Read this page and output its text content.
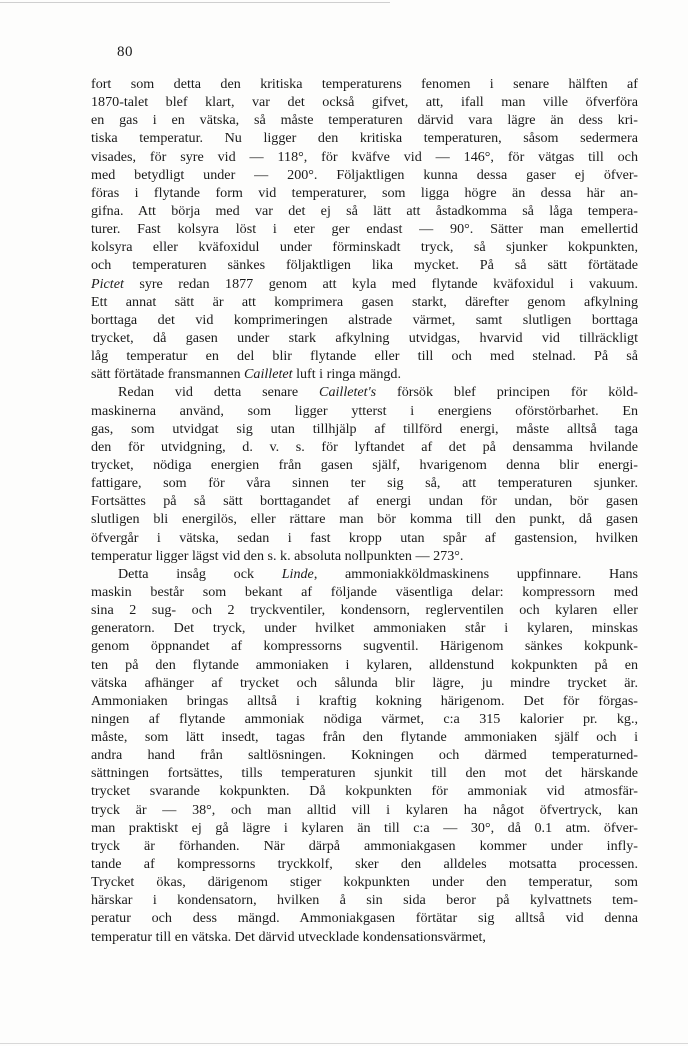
80
fort som detta den kritiska temperaturens fenomen i senare hälften af
1870-talet blef klart, var det också gifvet, att, ifall man ville öfverföra
en gas i en vätska, så måste temperaturen därvid vara lägre än dess kri-
tiska temperatur. Nu ligger den kritiska temperaturen, såsom sedermera
visades, för syre vid — 118°, för kväfve vid — 146°, för vätgas till och
med betydligt under — 200°. Följaktligen kunna dessa gaser ej öfver-
föras i flytande form vid temperaturer, som ligga högre än dessa här an-
gifna. Att börja med var det ej så lätt att åstadkomma så låga tempera-
turer. Fast kolsyra löst i eter ger endast — 90°. Sätter man emellertid
kolsyra eller kväfoxidul under förminskadt tryck, så sjunker kokpunkten,
och temperaturen sänkes följaktligen lika mycket. På så sätt förtätade
Pictet syre redan 1877 genom att kyla med flytande kväfoxidul i vakuum.
Ett annat sätt är att komprimera gasen starkt, därefter genom afkylning
borttaga det vid komprimeringen alstrade värmet, samt slutligen borttaga
trycket, då gasen under stark afkylning utvidgas, hvarvid vid tillräckligt
låg temperatur en del blir flytande eller till och med stelnad. På så
sätt förtätade fransmannen Cailletet luft i ringa mängd.
Redan vid detta senare Cailletet's försök blef principen för köld-
maskinerna använd, som ligger ytterst i energiens oförstörbarhet. En
gas, som utvidgat sig utan tillhjälp af tillförd energi, måste alltså taga
den för utvidgning, d. v. s. för lyftandet af det på densamma hvilande
trycket, nödiga energien från gasen själf, hvarigenom denna blir energi-
fattigare, som för våra sinnen ter sig så, att temperaturen sjunker.
Fortsättes på så sätt borttagandet af energi undan för undan, bör gasen
slutligen bli energilös, eller rättare man bör komma till den punkt, då gasen
öfvergår i vätska, sedan i fast kropp utan spår af gastension, hvilken
temperatur ligger lägst vid den s. k. absoluta nollpunkten — 273°.
Detta insåg ock Linde, ammoniakköldmaskinens uppfinnare. Hans
maskin består som bekant af följande väsentliga delar: kompressorn med
sina 2 sug- och 2 tryckventiler, kondensorn, reglerventilen och kylaren eller
generatorn. Det tryck, under hvilket ammoniaken står i kylaren, minskas
genom öppnandet af kompressorns sugventil. Härigenom sänkes kokpunk-
ten på den flytande ammoniaken i kylaren, alldenstund kokpunkten på en
vätska afhänger af trycket och sålunda blir lägre, ju mindre trycket är.
Ammoniaken bringas alltså i kraftig kokning härigenom. Det för förgas-
ningen af flytande ammoniak nödiga värmet, c:a 315 kalorier pr. kg.,
måste, som lätt insedt, tagas från den flytande ammoniaken själf och i
andra hand från saltlösningen. Kokningen och därmed temperaturned-
sättningen fortsättes, tills temperaturen sjunkit till den mot det härskande
trycket svarande kokpunkten. Då kokpunkten för ammoniak vid atmosfär-
tryck är — 38°, och man alltid vill i kylaren ha något öfvertryck, kan
man praktiskt ej gå lägre i kylaren än till c:a — 30°, då 0.1 atm. öfver-
tryck är förhanden. När därpå ammoniakgasen kommer under infly-
tande af kompressorns tryckkolf, sker den alldeles motsatta processen.
Trycket ökas, därigenom stiger kokpunkten under den temperatur, som
härskar i kondensatorn, hvilken å sin sida beror på kylvattnets tem-
peratur och dess mängd. Ammoniakgasen förtätar sig alltså vid denna
temperatur till en vätska. Det därvid utvecklade kondensationsvärmet,
